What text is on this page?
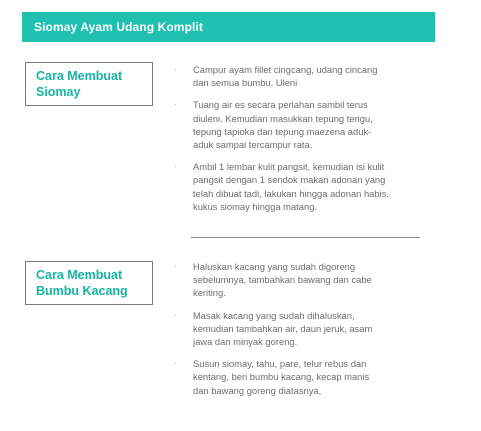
Siomay Ayam Udang Komplit
Cara Membuat
Siomay
· Campur ayam fillet cingcang, udang cincang
dan semua bumbu. Uleni
· Tuang air es secara perlahan sambil terus
diuleni. Kemudian masukkan tepung terigu,
tepung tapioka dan tepung maezena aduk-
aduk sampai tercampur rata.
· Ambil 1 lembar kulit pangsit, kemudian isi kulit
pangsit dengan 1 sendok makan adonan yang
telah dibuat tadi, lakukan hingga adonan habis.
kukus siomay hingga matang.
Cara Membuat
Bumbu Kacang
· Haluskan kacang yang sudah digoreng
sebelumnya, tambahkan bawang dan cabe
keriting.
· Masak kacang yang sudah dihaluskan,
kemudian tambahkan air, daun jeruk, asam
jawa dan minyak goreng.
· Susun siomay, tahu, pare, telur rebus dan
kentang, beri bumbu kacang, kecap manis
dan bawang goreng diatasnya,
